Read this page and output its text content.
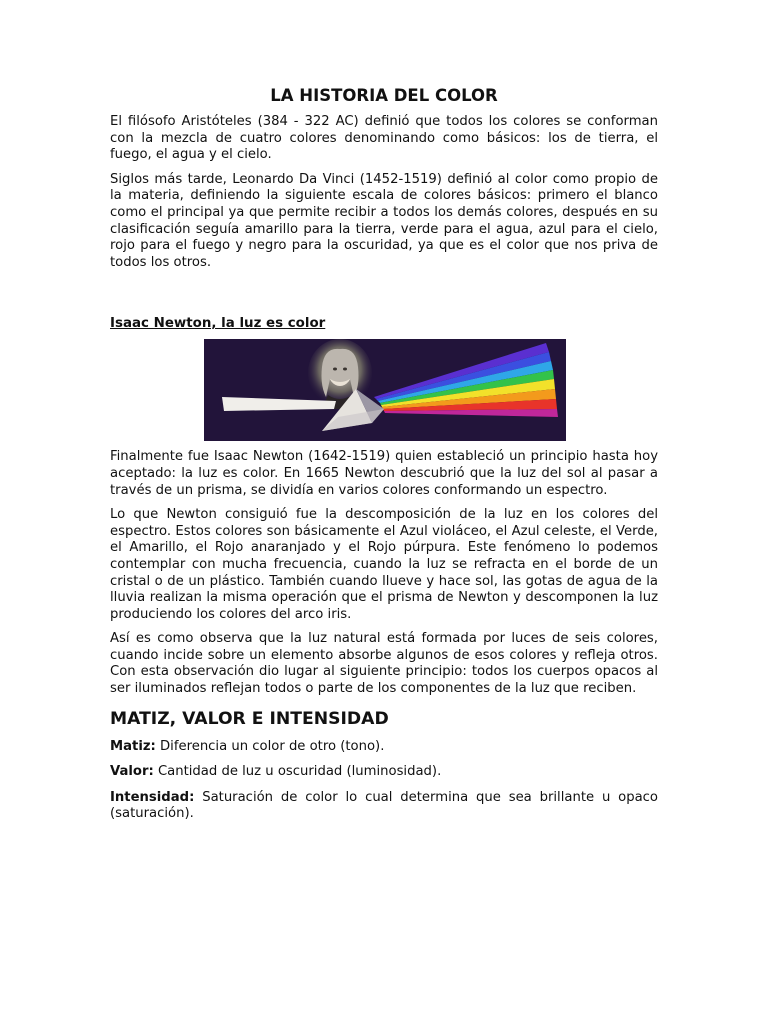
LA HISTORIA DEL COLOR

El filósofo Aristóteles (384 - 322 AC) definió que todos los colores se conforman con la mezcla de cuatro colores denominando como básicos: los de tierra, el fuego, el agua y el cielo.

Siglos más tarde, Leonardo Da Vinci (1452-1519) definió al color como propio de la materia, definiendo la siguiente escala de colores básicos: primero el blanco como el principal ya que permite recibir a todos los demás colores, después en su clasificación seguía amarillo para la tierra, verde para el agua, azul para el cielo, rojo para el fuego y negro para la oscuridad, ya que es el color que nos priva de todos los otros.

Isaac Newton, la luz es color

Finalmente fue Isaac Newton (1642-1519) quien estableció un principio hasta hoy aceptado: la luz es color. En 1665 Newton descubrió que la luz del sol al pasar a través de un prisma, se dividía en varios colores conformando un espectro.

Lo que Newton consiguió fue la descomposición de la luz en los colores del espectro. Estos colores son básicamente el Azul violáceo, el Azul celeste, el Verde, el Amarillo, el Rojo anaranjado y el Rojo púrpura. Este fenómeno lo podemos contemplar con mucha frecuencia, cuando la luz se refracta en el borde de un cristal o de un plástico. También cuando llueve y hace sol, las gotas de agua de la lluvia realizan la misma operación que el prisma de Newton y descomponen la luz produciendo los colores del arco iris.

Así es como observa que la luz natural está formada por luces de seis colores, cuando incide sobre un elemento absorbe algunos de esos colores y refleja otros. Con esta observación dio lugar al siguiente principio: todos los cuerpos opacos al ser iluminados reflejan todos o parte de los componentes de la luz que reciben.

MATIZ, VALOR E INTENSIDAD

Matiz: Diferencia un color de otro (tono).

Valor: Cantidad de luz u oscuridad (luminosidad).

Intensidad: Saturación de color lo cual determina que sea brillante u opaco (saturación).
